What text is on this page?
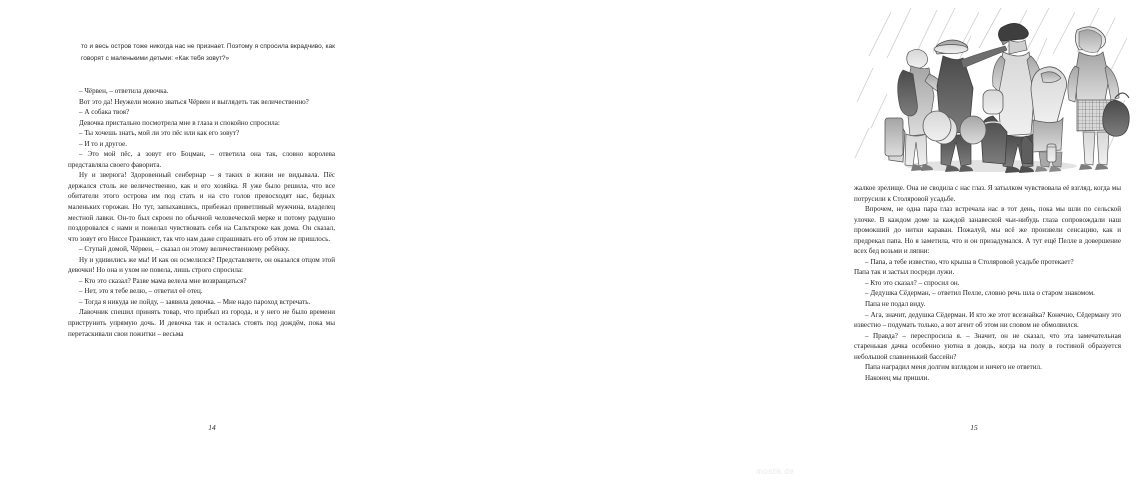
то и весь остров тоже никогда нас не признает. Поэтому я спросила вкрадчиво, как говорят с маленькими детьми: «Как тебя зовут?»

– Чёрвен, – ответила девочка.

Вот это да! Неужели можно зваться Чёрвен и выглядеть так величественно?

– А собака твоя?

Девочка пристально посмотрела мне в глаза и спокойно спросила:

– Ты хочешь знать, мой ли это пёс или как его зовут?

– И то и другое.

– Это мой пёс, а зовут его Боцман, – ответила она так, словно королева представляла своего фаворита.

Ну и зверюга! Здоровенный сенбернар – я таких в жизни не видывала. Пёс держался столь же величественно, как и его хозяйка. Я уже было решила, что все обитатели этого острова им под стать и на сто голов превосходят нас, бедных маленьких горожан. Но тут, запыхавшись, прибежал приветливый мужчина, владелец местной лавки. Он-то был скроен по обычной человеческой мерке и потому радушно поздоровался с нами и пожелал чувствовать себя на Сальткроке как дома. Он сказал, что зовут его Ниссе Гранквист, так что нам даже спрашивать его об этом не пришлось.

– Ступай домой, Чёрвен, – сказал он этому величественному ребёнку.

Ну и удивились же мы! И как он осмелился? Представляете, он оказался отцом этой девочки! Но она и ухом не повела, лишь строго спросила:

– Кто это сказал? Разве мама велела мне возвращаться?

– Нет, это я тебе велю, – ответил её отец.

– Тогда я никуда не пойду, – заявила девочка. – Мне надо пароход встречать.

Лавочник спешил принять товар, что прибыл из города, и у него не было времени приструнить упрямую дочь. И девочка так и осталась стоять под дождём, пока мы перетаскивали свои пожитки – весьма

14

жалкое зрелище. Она не сводила с нас глаз. Я затылком чувствовала её взгляд, когда мы потрусили к Столяровой усадьбе.

Впрочем, не одна пара глаз встречала нас в тот день, пока мы шли по сельской улочке. В каждом доме за каждой занавеской чьи-нибудь глаза сопровождали наш промокший до нитки караван. Пожалуй, мы всё же произвели сенсацию, как и предрекал папа. Но я заметила, что и он призадумался. А тут ещё Пелле в довершение всех бед возьми и ляпни:

– Папа, а тебе известно, что крыша в Столяровой усадьбе протекает?

Папа так и застыл посреди лужи.

– Кто это сказал? – спросил он.

– Дедушка Сёдерман, – ответил Пелле, словно речь шла о старом знакомом.

Папа не подал виду.

– Ага, значит, дедушка Сёдерман. И кто же этот всезнайка? Конечно, Сёдерману это известно – подумать только, а вот агент об этом ни словом не обмолвился.

– Правда? – переспросила я. – Значит, он не сказал, что эта замечательная старенькая дачка особенно уютна в дождь, когда на полу в гостиной образуется небольшой славненький бассейн?

Папа наградил меня долгим взглядом и ничего не ответил.

Наконец мы пришли.

15
mostik.de
